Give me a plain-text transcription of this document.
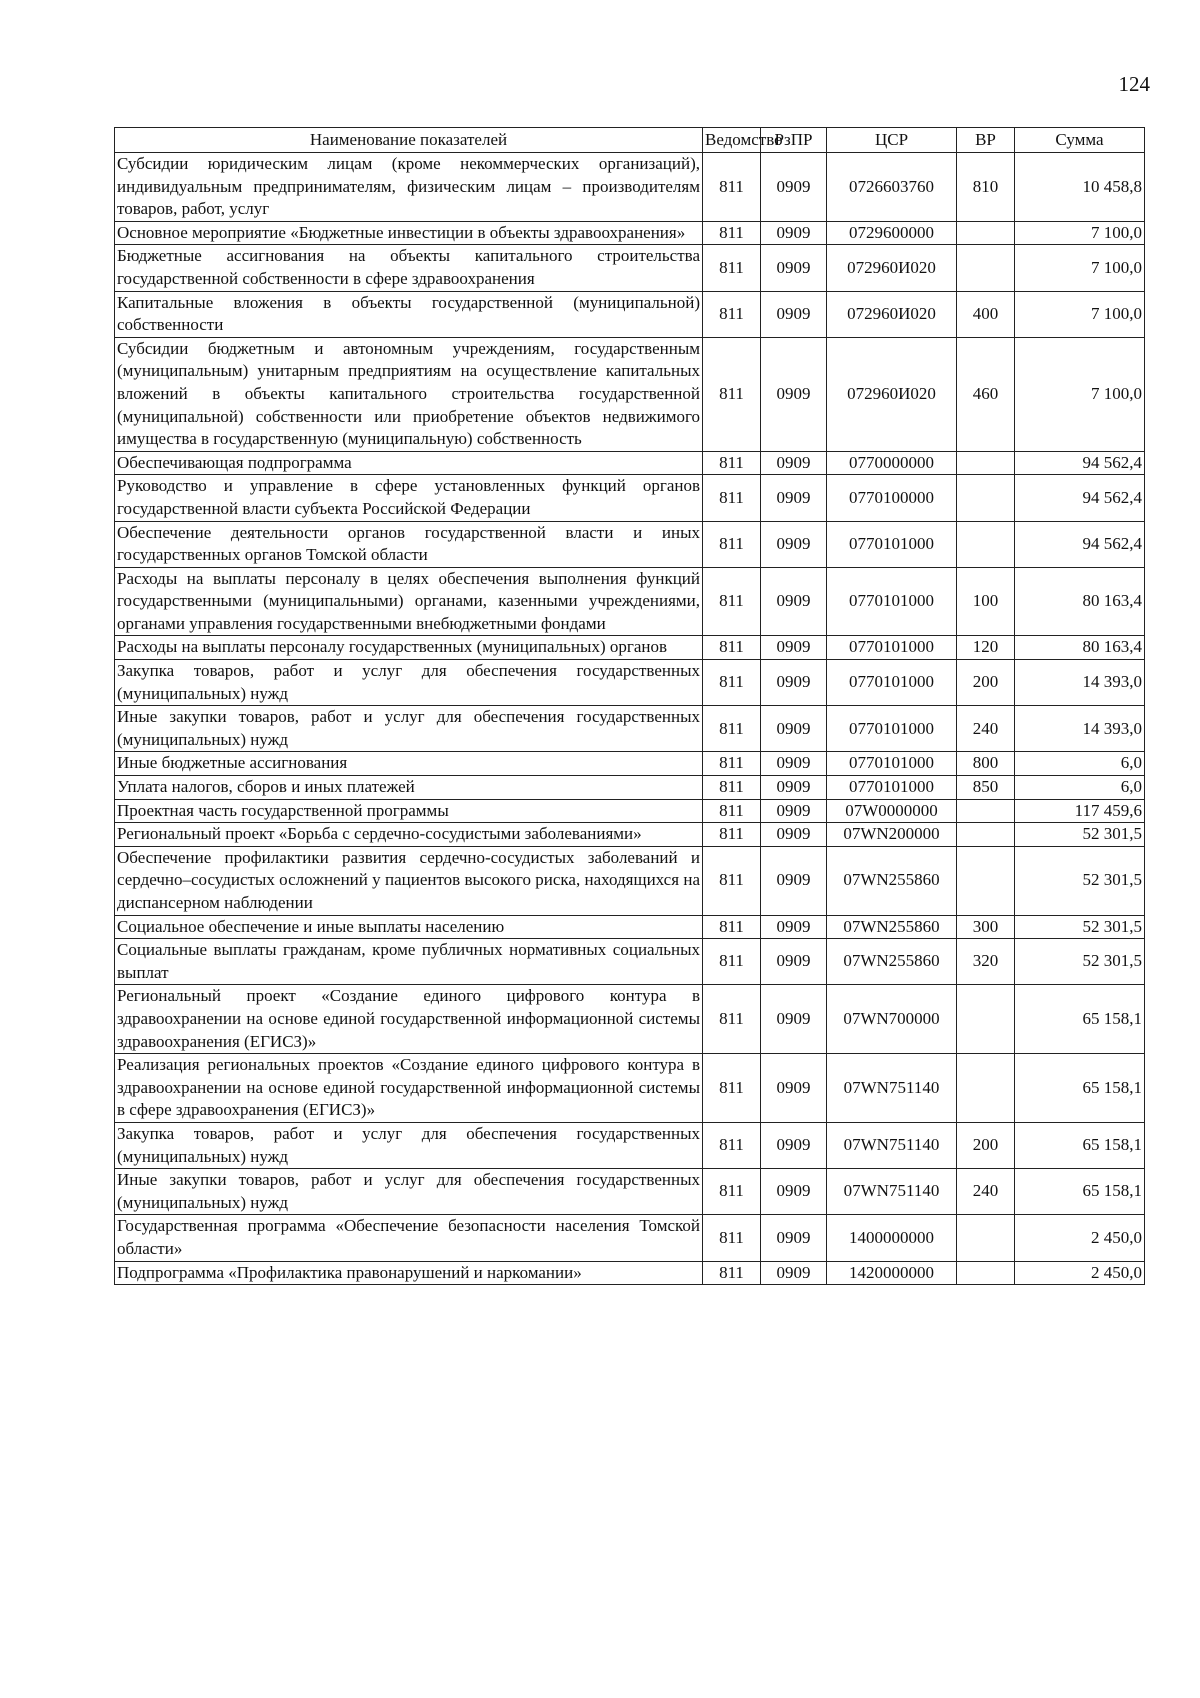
124
Наименование показателей	Ведомство	РзПР	ЦСР	ВР	Сумма
Субсидии юридическим лицам (кроме некоммерческих организаций), индивидуальным предпринимателям, физическим лицам – производителям товаров, работ, услуг	811	0909	0726603760	810	10 458,8
Основное мероприятие «Бюджетные инвестиции в объекты здравоохранения»	811	0909	0729600000		7 100,0
Бюджетные ассигнования на объекты капитального строительства государственной собственности в сфере здравоохранения	811	0909	072960И020		7 100,0
Капитальные вложения в объекты государственной (муниципальной) собственности	811	0909	072960И020	400	7 100,0
Субсидии бюджетным и автономным учреждениям, государственным (муниципальным) унитарным предприятиям на осуществление капитальных вложений в объекты капитального строительства государственной (муниципальной) собственности или приобретение объектов недвижимого имущества в государственную (муниципальную) собственность	811	0909	072960И020	460	7 100,0
Обеспечивающая подпрограмма	811	0909	0770000000		94 562,4
Руководство и управление в сфере установленных функций органов государственной власти субъекта Российской Федерации	811	0909	0770100000		94 562,4
Обеспечение деятельности органов государственной власти и иных государственных органов Томской области	811	0909	0770101000		94 562,4
Расходы на выплаты персоналу в целях обеспечения выполнения функций государственными (муниципальными) органами, казенными учреждениями, органами управления государственными внебюджетными фондами	811	0909	0770101000	100	80 163,4
Расходы на выплаты персоналу государственных (муниципальных) органов	811	0909	0770101000	120	80 163,4
Закупка товаров, работ и услуг для обеспечения государственных (муниципальных) нужд	811	0909	0770101000	200	14 393,0
Иные закупки товаров, работ и услуг для обеспечения государственных (муниципальных) нужд	811	0909	0770101000	240	14 393,0
Иные бюджетные ассигнования	811	0909	0770101000	800	6,0
Уплата налогов, сборов и иных платежей	811	0909	0770101000	850	6,0
Проектная часть государственной программы	811	0909	07W0000000		117 459,6
Региональный проект «Борьба с сердечно-сосудистыми заболеваниями»	811	0909	07WN200000		52 301,5
Обеспечение профилактики развития сердечно-сосудистых заболеваний и сердечно–сосудистых осложнений у пациентов высокого риска, находящихся на диспансерном наблюдении	811	0909	07WN255860		52 301,5
Социальное обеспечение и иные выплаты населению	811	0909	07WN255860	300	52 301,5
Социальные выплаты гражданам, кроме публичных нормативных социальных выплат	811	0909	07WN255860	320	52 301,5
Региональный проект «Создание единого цифрового контура в здравоохранении на основе единой государственной информационной системы здравоохранения (ЕГИСЗ)»	811	0909	07WN700000		65 158,1
Реализация региональных проектов «Создание единого цифрового контура в здравоохранении на основе единой государственной информационной системы в сфере здравоохранения (ЕГИСЗ)»	811	0909	07WN751140		65 158,1
Закупка товаров, работ и услуг для обеспечения государственных (муниципальных) нужд	811	0909	07WN751140	200	65 158,1
Иные закупки товаров, работ и услуг для обеспечения государственных (муниципальных) нужд	811	0909	07WN751140	240	65 158,1
Государственная программа «Обеспечение безопасности населения Томской области»	811	0909	1400000000		2 450,0
Подпрограмма «Профилактика правонарушений и наркомании»	811	0909	1420000000		2 450,0
